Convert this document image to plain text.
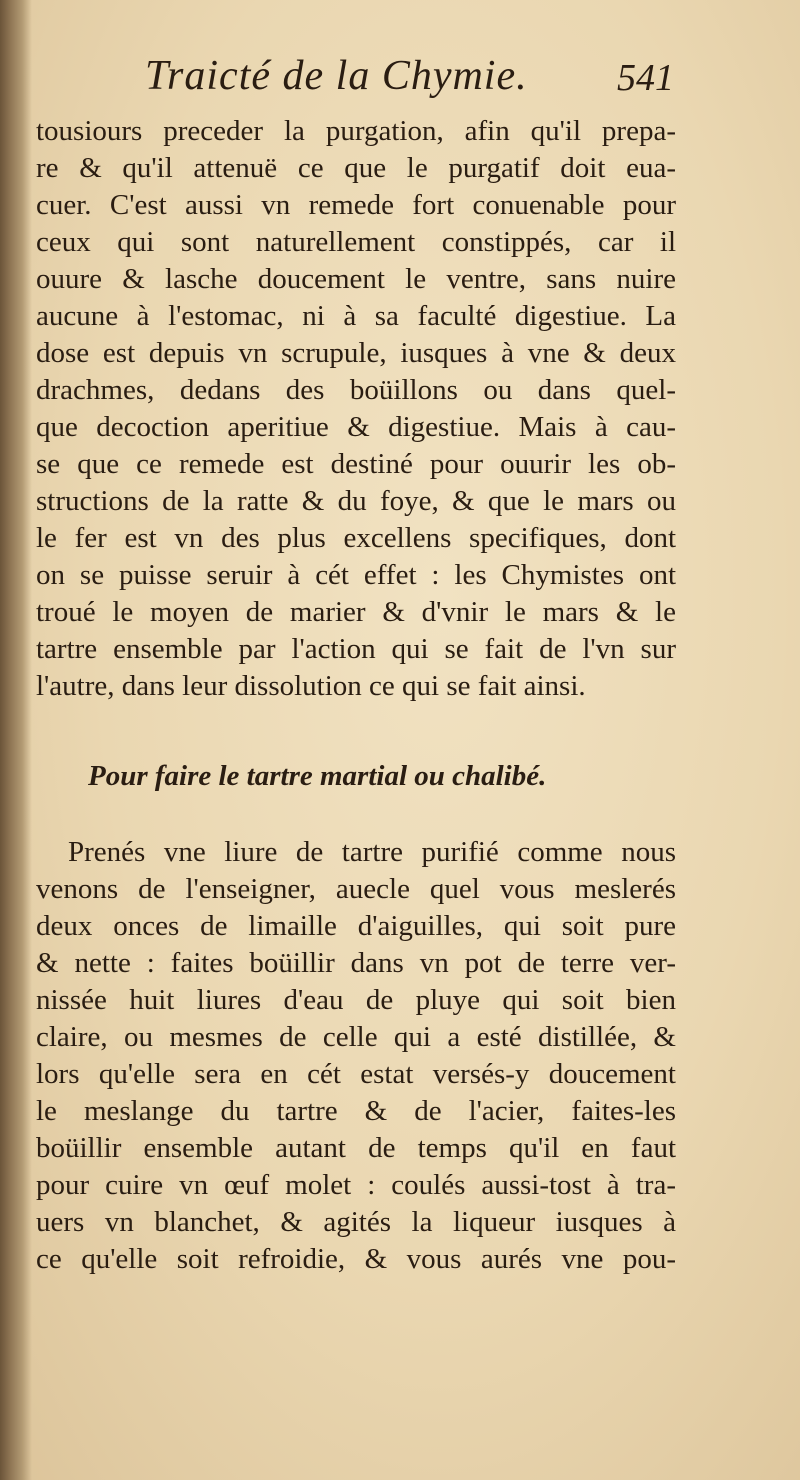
Traicté de la Chymie. 541
tousiours preceder la purgation, afin qu'il prepa-
re & qu'il attenuë ce que le purgatif doit eua-
cuer. C'est aussi vn remede fort conuenable pour
ceux qui sont naturellement constippés, car il
ouure & lasche doucement le ventre, sans nuire
aucune à l'estomac, ni à sa faculté digestiue. La
dose est depuis vn scrupule, iusques à vne & deux
drachmes, dedans des boüillons ou dans quel-
que decoction aperitiue & digestiue. Mais à cau-
se que ce remede est destiné pour ouurir les ob-
structions de la ratte & du foye, & que le mars ou
le fer est vn des plus excellens specifiques, dont
on se puisse seruir à cét effet : les Chymistes ont
troué le moyen de marier & d'vnir le mars & le
tartre ensemble par l'action qui se fait de l'vn sur
l'autre, dans leur dissolution ce qui se fait ainsi.
Pour faire le tartre martial ou chalibé.
Prenés vne liure de tartre purifié comme nous
venons de l'enseigner, auecle quel vous meslerés
deux onces de limaille d'aiguilles, qui soit pure
& nette : faites boüillir dans vn pot de terre ver-
nissée huit liures d'eau de pluye qui soit bien
claire, ou mesmes de celle qui a esté distillée, &
lors qu'elle sera en cét estat versés-y doucement
le meslange du tartre & de l'acier, faites-les
boüillir ensemble autant de temps qu'il en faut
pour cuire vn œuf molet : coulés aussi-tost à tra-
uers vn blanchet, & agités la liqueur iusques à
ce qu'elle soit refroidie, & vous aurés vne pou-
